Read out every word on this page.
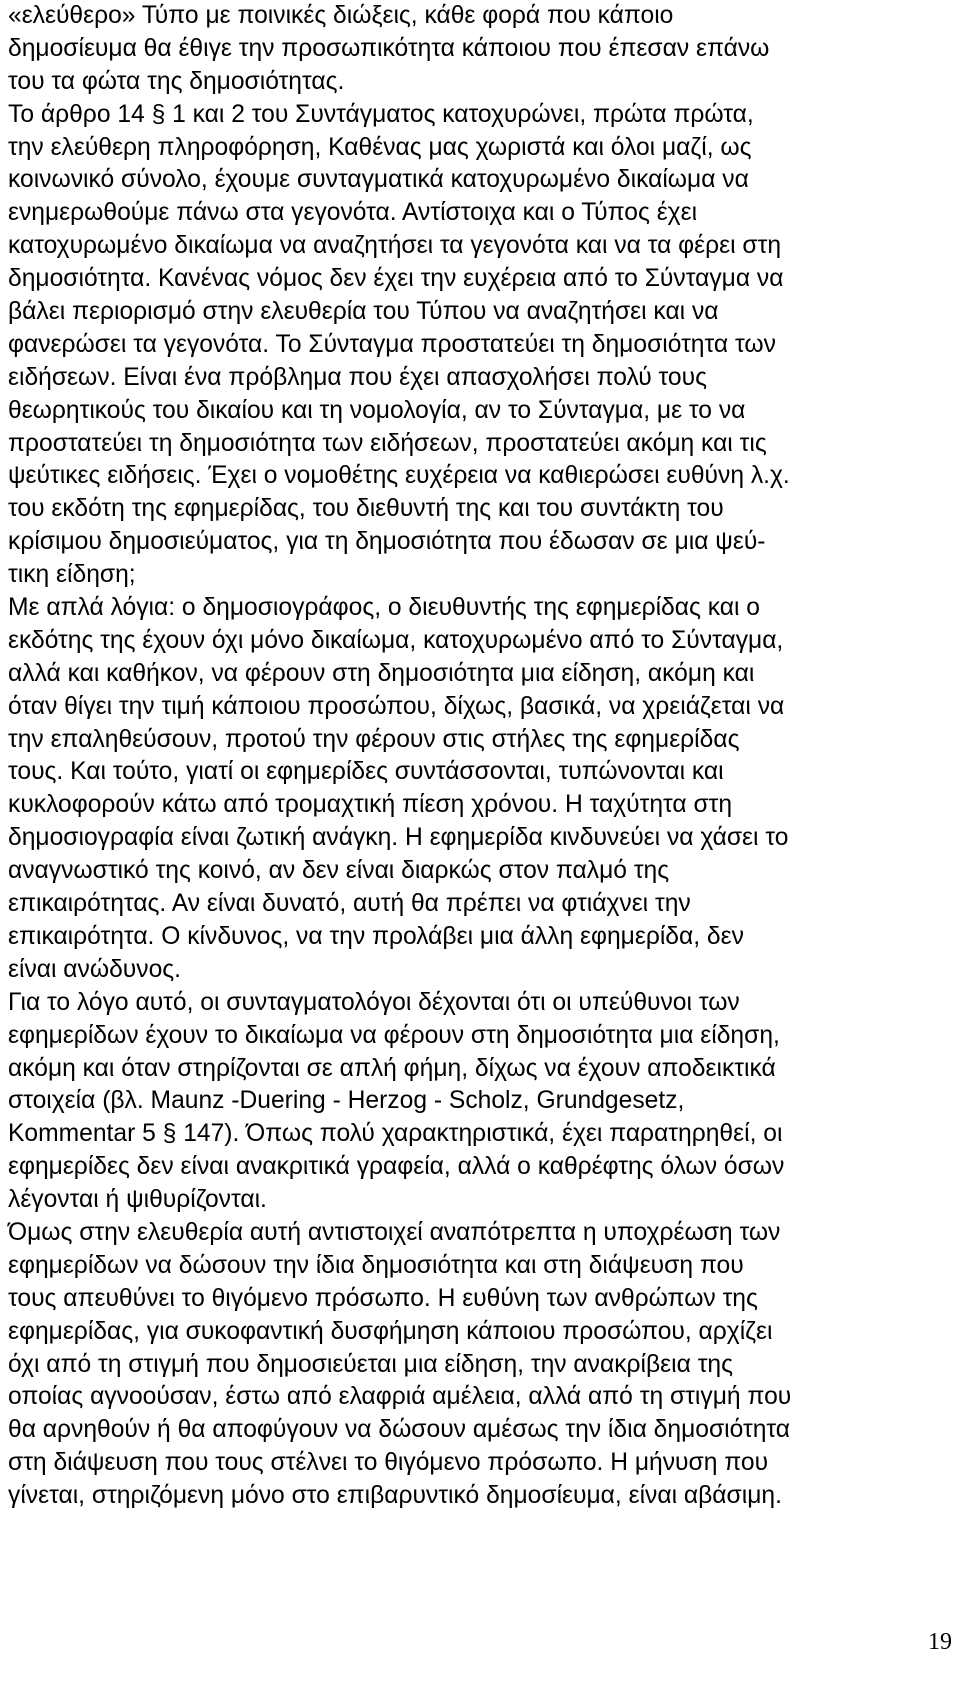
«ελεύθερο» Τύπο με ποινικές διώξεις, κάθε φορά που κάποιο
δημοσίευμα θα έθιγε την προσωπικότητα κάποιου που έπεσαν επάνω
του τα φώτα της δημοσιότητας.
Το άρθρο 14 § 1 και 2 του Συντάγματος κατοχυρώνει, πρώτα πρώτα,
την ελεύθερη πληροφόρηση, Καθένας μας χωριστά και όλοι μαζί, ως
κοινωνικό σύνολο, έχουμε συνταγματικά κατοχυρωμένο δικαίωμα να
ενημερωθούμε πάνω στα γεγονότα. Αντίστοιχα και ο Τύπος έχει
κατοχυρωμένο δικαίωμα να αναζητήσει τα γεγονότα και να τα φέρει στη
δημοσιότητα. Κανένας νόμος δεν έχει την ευχέρεια από το Σύνταγμα να
βάλει περιορισμό στην ελευθερία του Τύπου να αναζητήσει και να
φανερώσει τα γεγονότα. Το Σύνταγμα προστατεύει τη δημοσιότητα των
ειδήσεων. Είναι ένα πρόβλημα που έχει απασχολήσει πολύ τους
θεωρητικούς του δικαίου και τη νομολογία, αν το Σύνταγμα, με το να
προστατεύει τη δημοσιότητα των ειδήσεων, προστατεύει ακόμη και τις
ψεύτικες ειδήσεις. Έχει ο νομοθέτης ευχέρεια να καθιερώσει ευθύνη λ.χ.
του εκδότη της εφημερίδας, του διεθυντή της και του συντάκτη του
κρίσιμου δημοσιεύματος, για τη δημοσιότητα που έδωσαν σε μια ψεύ-
τικη είδηση;
Με απλά λόγια: ο δημοσιογράφος, ο διευθυντής της εφημερίδας και ο
εκδότης της έχουν όχι μόνο δικαίωμα, κατοχυρωμένο από το Σύνταγμα,
αλλά και καθήκον, να φέρουν στη δημοσιότητα μια είδηση, ακόμη και
όταν θίγει την τιμή κάποιου προσώπου, δίχως, βασικά, να χρειάζεται να
την επαληθεύσουν, προτού την φέρουν στις στήλες της εφημερίδας
τους. Και τούτο, γιατί οι εφημερίδες συντάσσονται, τυπώνονται και
κυκλοφορούν κάτω από τρομαχτική πίεση χρόνου. Η ταχύτητα στη
δημοσιογραφία είναι ζωτική ανάγκη. Η εφημερίδα κινδυνεύει να χάσει το
αναγνωστικό της κοινό, αν δεν είναι διαρκώς στον παλμό της
επικαιρότητας. Αν είναι δυνατό, αυτή θα πρέπει να φτιάχνει την
επικαιρότητα. Ο κίνδυνος, να την προλάβει μια άλλη εφημερίδα, δεν
είναι ανώδυνος.
Για το λόγο αυτό, οι συνταγματολόγοι δέχονται ότι οι υπεύθυνοι των
εφημερίδων έχουν το δικαίωμα να φέρουν στη δημοσιότητα μια είδηση,
ακόμη και όταν στηρίζονται σε απλή φήμη, δίχως να έχουν αποδεικτικά
στοιχεία (βλ. Maunz -Duering - Herzog - Scholz, Grundgesetz,
Kommentar 5 § 147). Όπως πολύ χαρακτηριστικά, έχει παρατηρηθεί, οι
εφημερίδες δεν είναι ανακριτικά γραφεία, αλλά ο καθρέφτης όλων όσων
λέγονται ή ψιθυρίζονται.
Όμως στην ελευθερία αυτή αντιστοιχεί αναπότρεπτα η υποχρέωση των
εφημερίδων να δώσουν την ίδια δημοσιότητα και στη διάψευση που
τους απευθύνει το θιγόμενο πρόσωπο. Η ευθύνη των ανθρώπων της
εφημερίδας, για συκοφαντική δυσφήμηση κάποιου προσώπου, αρχίζει
όχι από τη στιγμή που δημοσιεύεται μια είδηση, την ανακρίβεια της
οποίας αγνοούσαν, έστω από ελαφριά αμέλεια, αλλά από τη στιγμή που
θα αρνηθούν ή θα αποφύγουν να δώσουν αμέσως την ίδια δημοσιότητα
στη διάψευση που τους στέλνει το θιγόμενο πρόσωπο. Η μήνυση που
γίνεται, στηριζόμενη μόνο στο επιβαρυντικό δημοσίευμα, είναι αβάσιμη.
19
